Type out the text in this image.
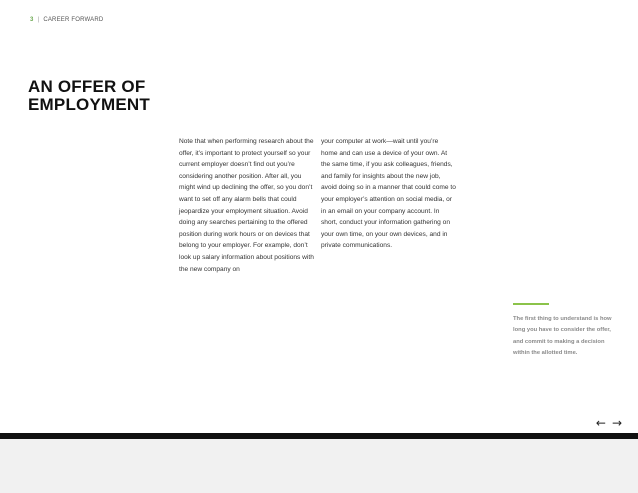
3 | CAREER FORWARD
AN OFFER OF
EMPLOYMENT

Note that when performing research about the offer, it’s important to protect yourself so your current employer doesn’t find out you’re considering another position. After all, you might wind up declining the offer, so you don’t want to set off any alarm bells that could jeopardize your employment situation. Avoid doing any searches pertaining to the offered position during work hours or on devices that belong to your employer. For example, don’t look up salary information about positions with the new company on

your computer at work—wait until you’re home and can use a device of your own. At the same time, if you ask colleagues, friends, and family for insights about the new job, avoid doing so in a manner that could come to your employer’s attention on social media, or in an email on your company account. In short, conduct your information gathering on your own time, on your own devices, and in private communications.

The first thing to understand is how long you have to consider the offer, and commit to making a decision within the allotted time.

← →
